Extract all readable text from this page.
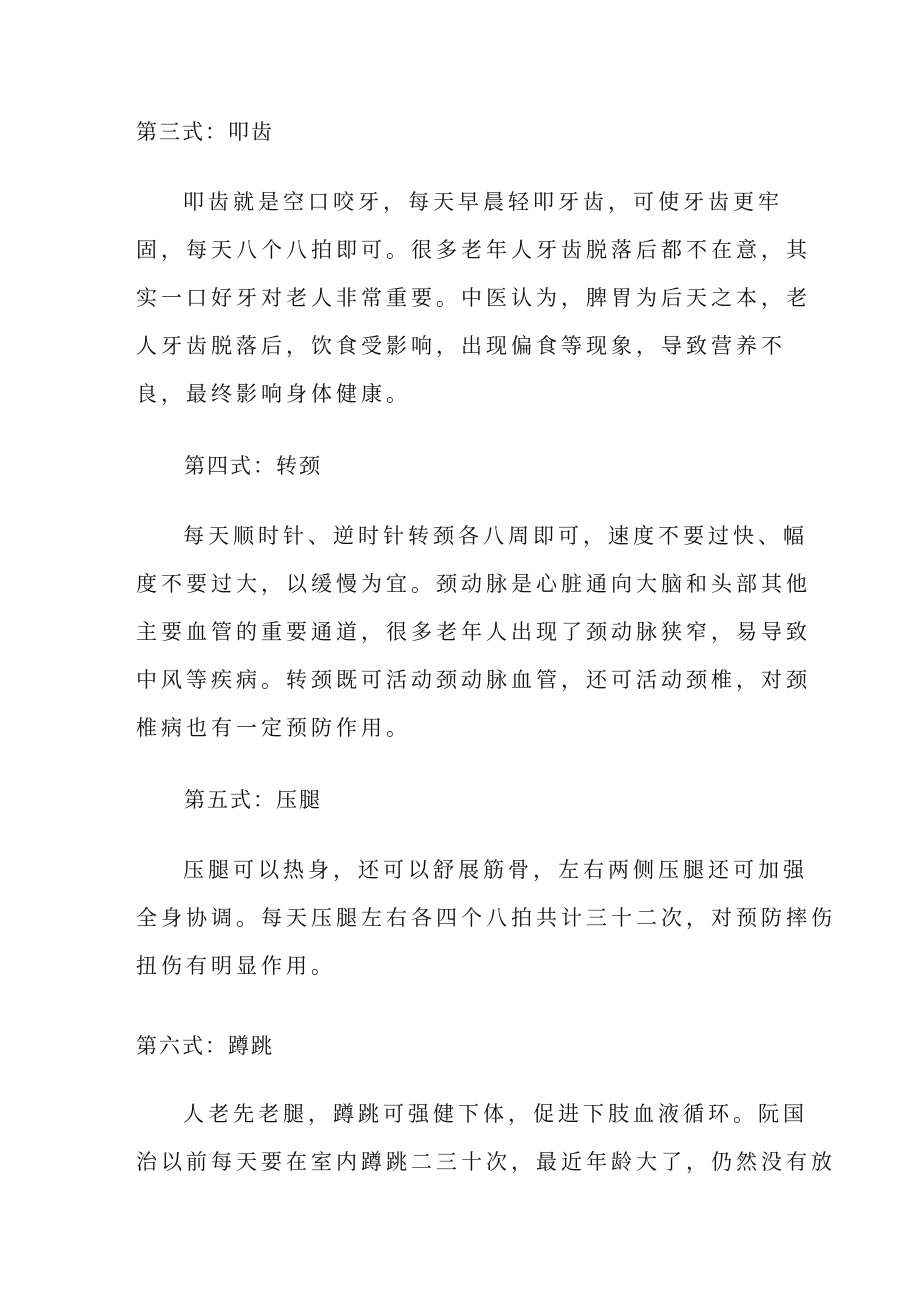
第三式：叩齿
叩齿就是空口咬牙，每天早晨轻叩牙齿，可使牙齿更牢
固，每天八个八拍即可。很多老年人牙齿脱落后都不在意，其
实一口好牙对老人非常重要。中医认为，脾胃为后天之本，老
人牙齿脱落后，饮食受影响，出现偏食等现象，导致营养不
良，最终影响身体健康。
第四式：转颈
每天顺时针、逆时针转颈各八周即可，速度不要过快、幅
度不要过大，以缓慢为宜。颈动脉是心脏通向大脑和头部其他
主要血管的重要通道，很多老年人出现了颈动脉狭窄，易导致
中风等疾病。转颈既可活动颈动脉血管，还可活动颈椎，对颈
椎病也有一定预防作用。
第五式：压腿
压腿可以热身，还可以舒展筋骨，左右两侧压腿还可加强
全身协调。每天压腿左右各四个八拍共计三十二次，对预防摔伤
扭伤有明显作用。
第六式：蹲跳
人老先老腿，蹲跳可强健下体，促进下肢血液循环。阮国
治以前每天要在室内蹲跳二三十次，最近年龄大了，仍然没有放
